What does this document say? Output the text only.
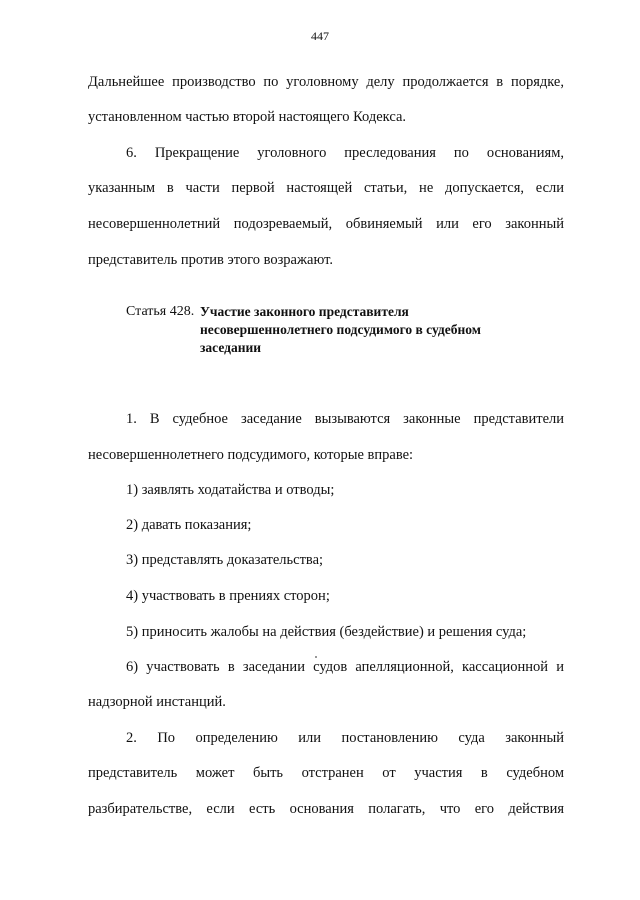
447
Дальнейшее производство по уголовному делу продолжается в порядке,
установленном частью второй настоящего Кодекса.
6. Прекращение уголовного преследования по основаниям,
указанным в части первой настоящей статьи, не допускается, если
несовершеннолетний подозреваемый, обвиняемый или его законный
представитель против этого возражают.
Статья 428. Участие законного представителя
несовершеннолетнего подсудимого в судебном
заседании
1. В судебное заседание вызываются законные представители
несовершеннолетнего подсудимого, которые вправе:
1) заявлять ходатайства и отводы;
2) давать показания;
3) представлять доказательства;
4) участвовать в прениях сторон;
5) приносить жалобы на действия (бездействие) и решения суда;
6) участвовать в заседании судов апелляционной, кассационной и
надзорной инстанций.
2. По определению или постановлению суда законный
представитель может быть отстранен от участия в судебном
разбирательстве, если есть основания полагать, что его действия
